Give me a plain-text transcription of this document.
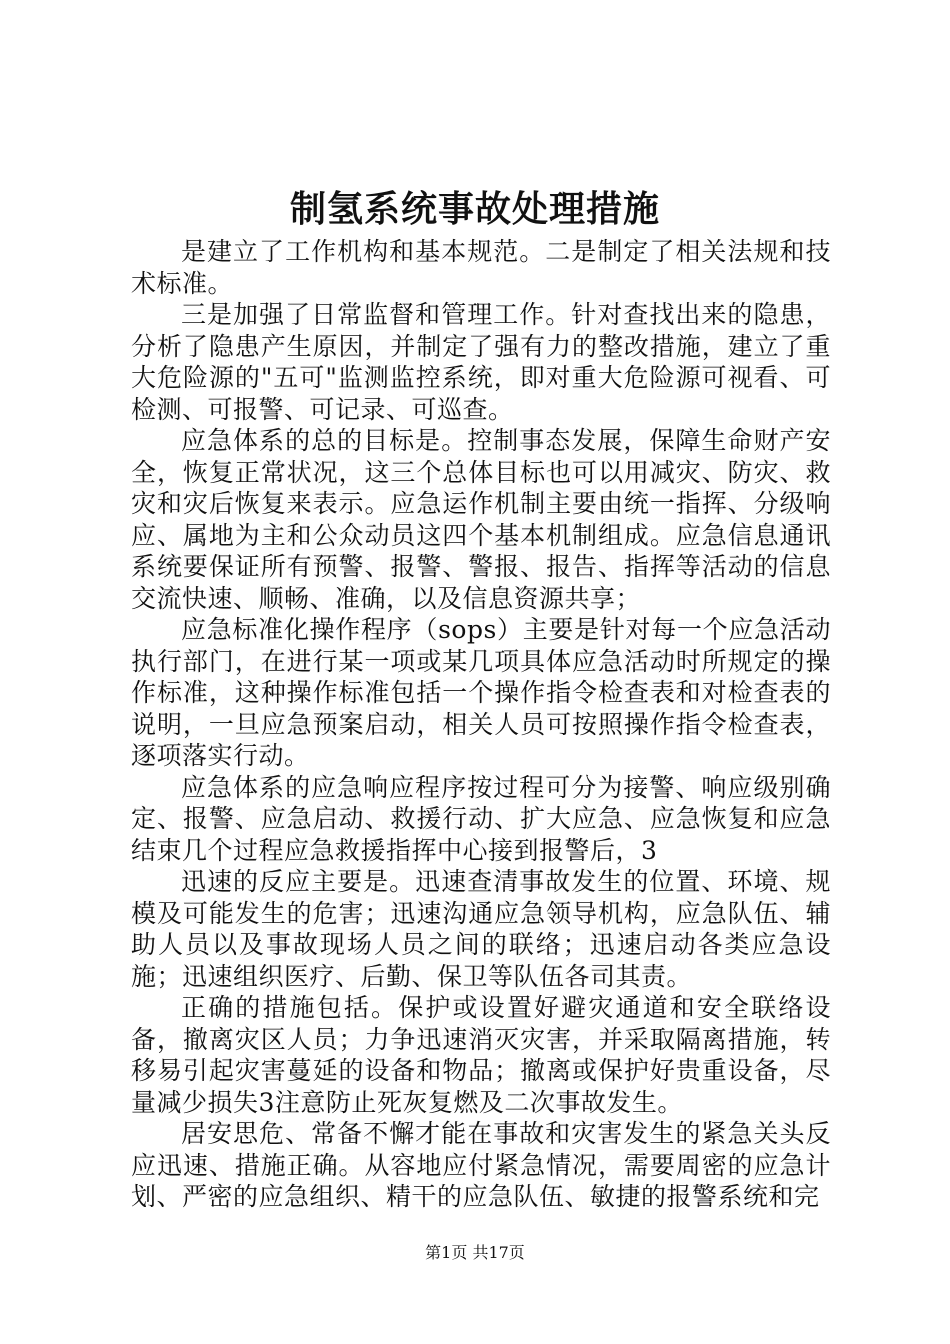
制氢系统事故处理措施

是建立了工作机构和基本规范。二是制定了相关法规和技术标准。

三是加强了日常监督和管理工作。针对查找出来的隐患，分析了隐患产生原因，并制定了强有力的整改措施，建立了重大危险源的"五可"监测监控系统，即对重大危险源可视看、可检测、可报警、可记录、可巡查。

应急体系的总的目标是。控制事态发展，保障生命财产安全，恢复正常状况，这三个总体目标也可以用减灾、防灾、救灾和灾后恢复来表示。应急运作机制主要由统一指挥、分级响应、属地为主和公众动员这四个基本机制组成。应急信息通讯系统要保证所有预警、报警、警报、报告、指挥等活动的信息交流快速、顺畅、准确，以及信息资源共享；

应急标准化操作程序（sops）主要是针对每一个应急活动执行部门，在进行某一项或某几项具体应急活动时所规定的操作标准，这种操作标准包括一个操作指令检查表和对检查表的说明，一旦应急预案启动，相关人员可按照操作指令检查表，逐项落实行动。

应急体系的应急响应程序按过程可分为接警、响应级别确定、报警、应急启动、救援行动、扩大应急、应急恢复和应急结束几个过程应急救援指挥中心接到报警后，3

迅速的反应主要是。迅速查清事故发生的位置、环境、规模及可能发生的危害；迅速沟通应急领导机构，应急队伍、辅助人员以及事故现场人员之间的联络；迅速启动各类应急设施；迅速组织医疗、后勤、保卫等队伍各司其责。

正确的措施包括。保护或设置好避灾通道和安全联络设备，撤离灾区人员；力争迅速消灭灾害，并采取隔离措施，转移易引起灾害蔓延的设备和物品；撤离或保护好贵重设备，尽量减少损失3注意防止死灰复燃及二次事故发生。

居安思危、常备不懈才能在事故和灾害发生的紧急关头反应迅速、措施正确。从容地应付紧急情况，需要周密的应急计划、严密的应急组织、精干的应急队伍、敏捷的报警系统和完

第1页 共17页
